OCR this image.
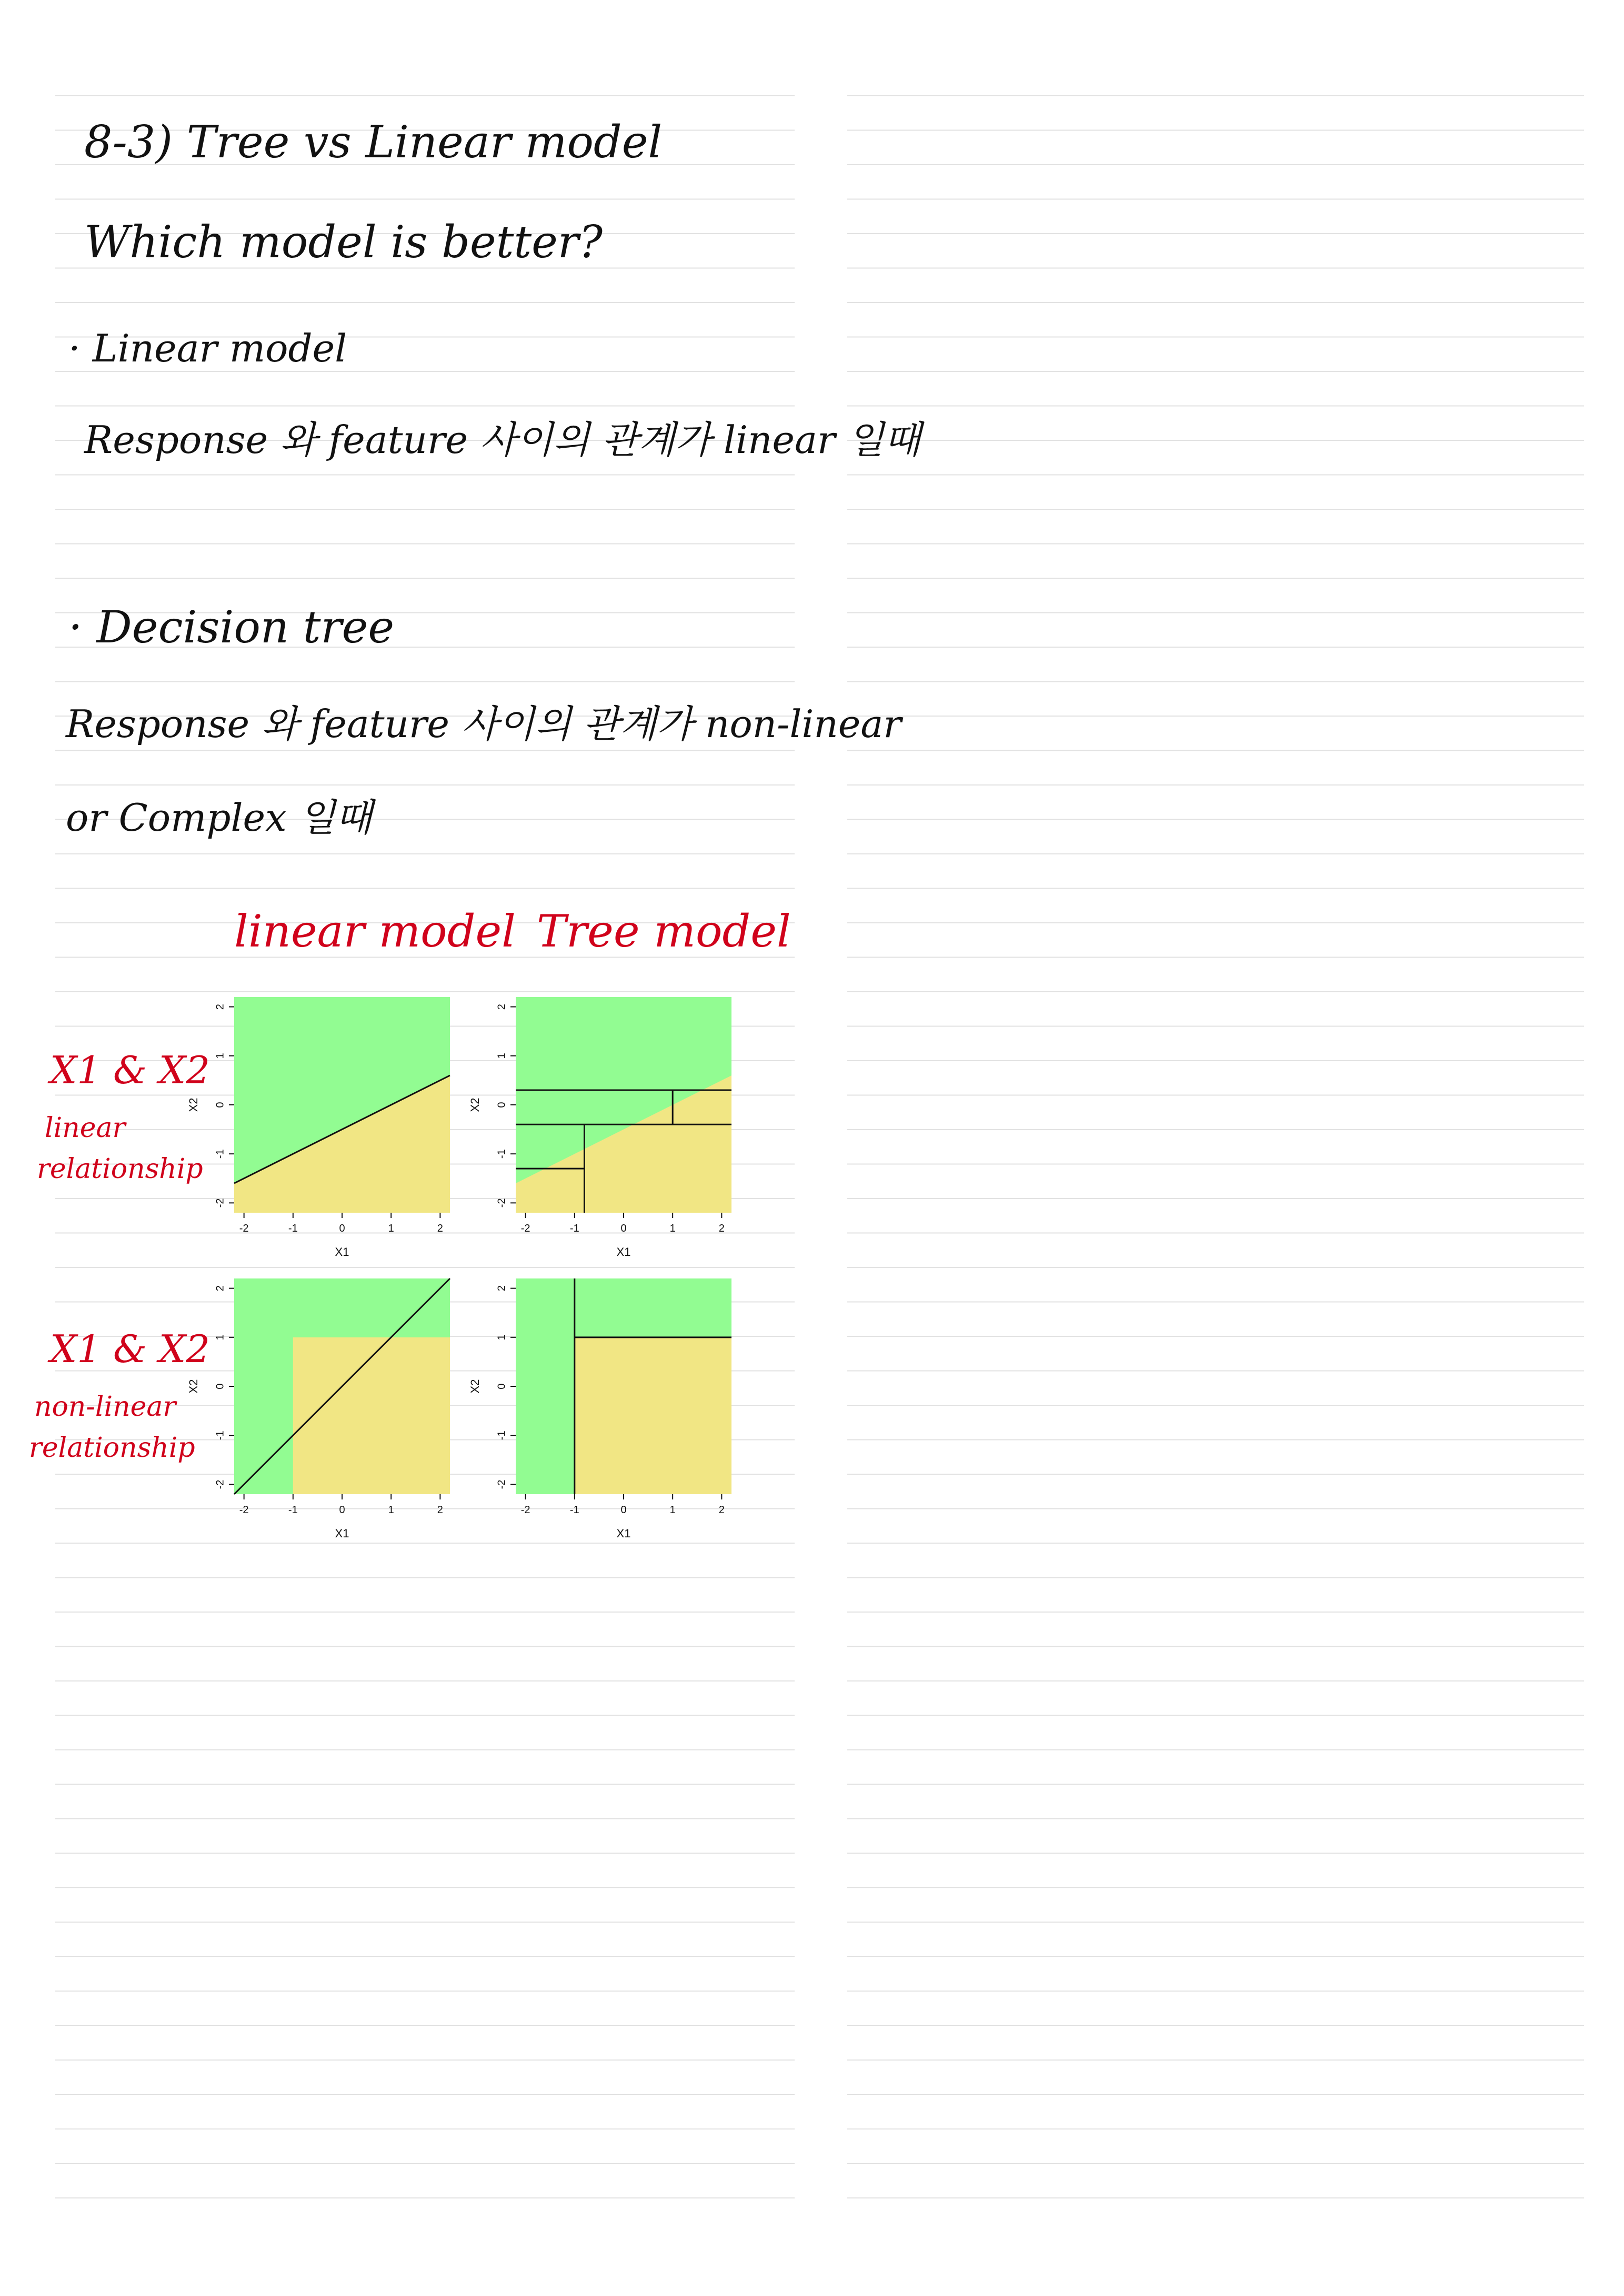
8-3) Tree vs Linear model
Which model is better?
· Linear model
Response 와 feature 사이의 관계가 linear 일때
· Decision tree
Response 와 feature 사이의 관계가 non-linear
or Complex 일때
linear model Tree model
X1 & X2
linear
relationship
X1 & X2
non-linear
relationship
-2	-1	0	1	2
-2
-1
0
1
2
X1
X2
-2	-1	0	1	2
-2
-1
0
1
2
X1
X2
-2	-1	0	1	2
-2
-1
0
1
2
X1
X2
-2	-1	0	1	2
-2
-1
0
1
2
X1
X2
